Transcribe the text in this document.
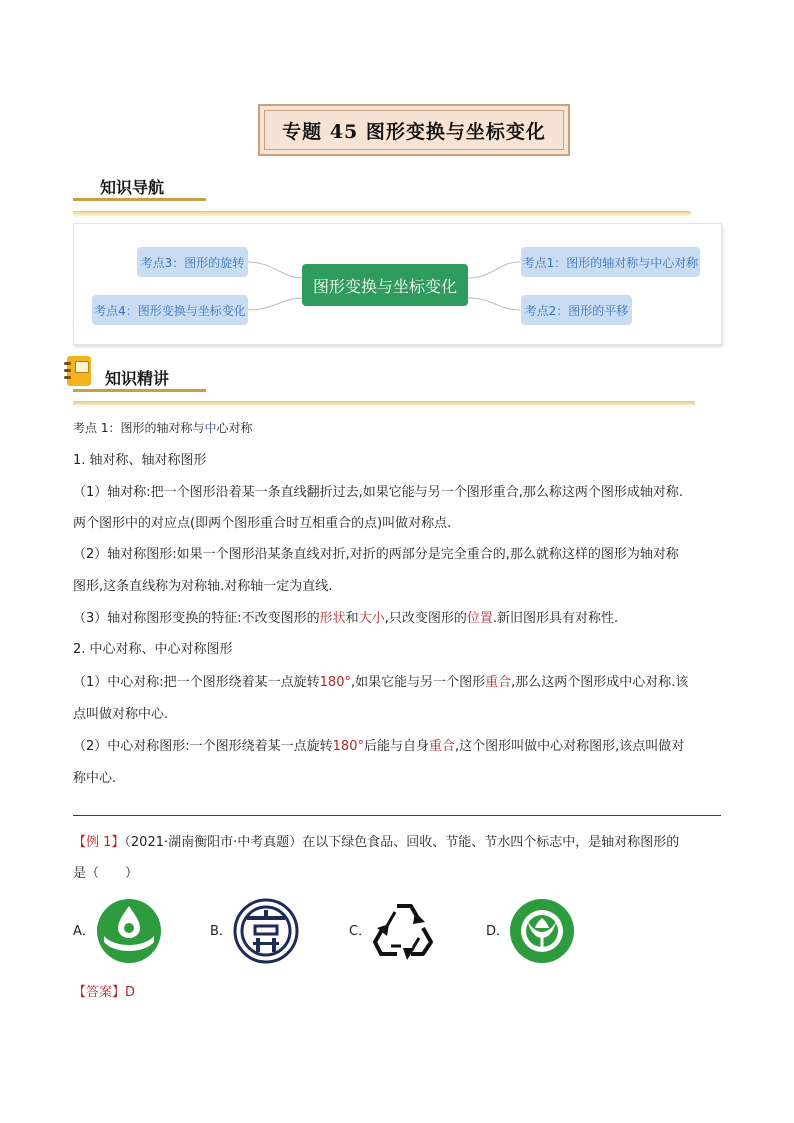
专题 45 图形变换与坐标变化
知识导航
图形变换与坐标变化
考点3：图形的旋转
考点4：图形变换与坐标变化
考点1：图形的轴对称与中心对称
考点2：图形的平移
知识精讲
考点 1：图形的轴对称与中心对称
1. 轴对称、轴对称图形
（1）轴对称:把一个图形沿着某一条直线翻折过去,如果它能与另一个图形重合,那么称这两个图形成轴对称.
两个图形中的对应点(即两个图形重合时互相重合的点)叫做对称点.
（2）轴对称图形:如果一个图形沿某条直线对折,对折的两部分是完全重合的,那么就称这样的图形为轴对称
图形,这条直线称为对称轴.对称轴一定为直线.
（3）轴对称图形变换的特征:不改变图形的形状和大小,只改变图形的位置.新旧图形具有对称性.
2. 中心对称、中心对称图形
（1）中心对称:把一个图形绕着某一点旋转180°,如果它能与另一个图形重合,那么这两个图形成中心对称.该
点叫做对称中心.
（2）中心对称图形:一个图形绕着某一点旋转180°后能与自身重合,这个图形叫做中心对称图形,该点叫做对
称中心.
【例 1】（2021·湖南衡阳市·中考真题）在以下绿色食品、回收、节能、节水四个标志中，是轴对称图形的
是（　　）
A．	B．	C．	D．
【答案】D
